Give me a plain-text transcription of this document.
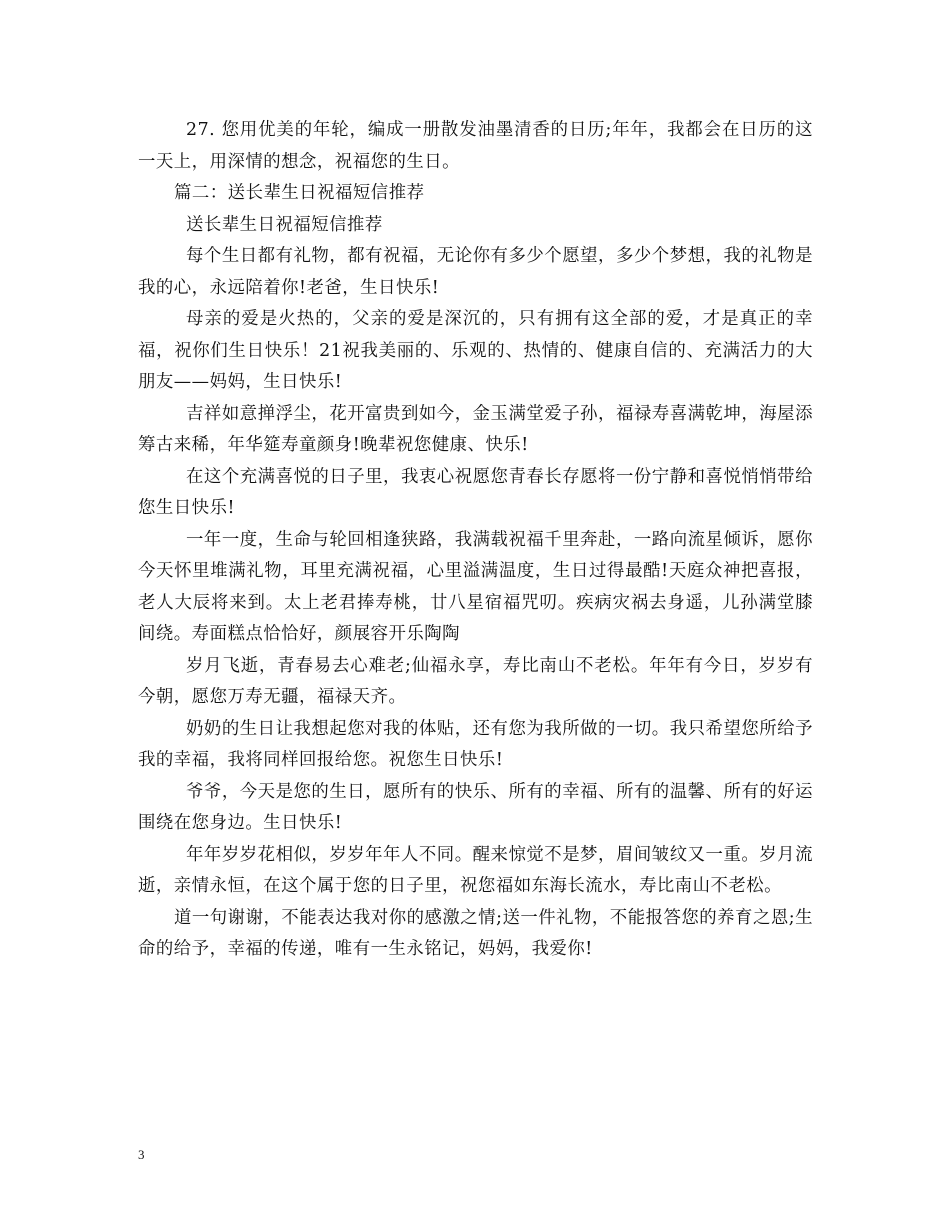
27. 您用优美的年轮，编成一册散发油墨清香的日历;年年，我都会在日历的这一天上，用深情的想念，祝福您的生日。

篇二：送长辈生日祝福短信推荐

送长辈生日祝福短信推荐

每个生日都有礼物，都有祝福，无论你有多少个愿望，多少个梦想，我的礼物是我的心，永远陪着你!老爸，生日快乐!

母亲的爱是火热的，父亲的爱是深沉的，只有拥有这全部的爱，才是真正的幸福，祝你们生日快乐！21祝我美丽的、乐观的、热情的、健康自信的、充满活力的大朋友——妈妈，生日快乐!

吉祥如意掸浮尘，花开富贵到如今，金玉满堂爱子孙，福禄寿喜满乾坤，海屋添筹古来稀，年华筵寿童颜身!晚辈祝您健康、快乐!

在这个充满喜悦的日子里，我衷心祝愿您青春长存愿将一份宁静和喜悦悄悄带给您生日快乐!

一年一度，生命与轮回相逢狭路，我满载祝福千里奔赴，一路向流星倾诉，愿你今天怀里堆满礼物，耳里充满祝福，心里溢满温度，生日过得最酷!天庭众神把喜报，老人大辰将来到。太上老君捧寿桃，廿八星宿福咒叨。疾病灾祸去身遥，儿孙满堂膝间绕。寿面糕点恰恰好，颜展容开乐陶陶

岁月飞逝，青春易去心难老;仙福永享，寿比南山不老松。年年有今日，岁岁有今朝，愿您万寿无疆，福禄天齐。

奶奶的生日让我想起您对我的体贴，还有您为我所做的一切。我只希望您所给予我的幸福，我将同样回报给您。祝您生日快乐!

爷爷，今天是您的生日，愿所有的快乐、所有的幸福、所有的温馨、所有的好运围绕在您身边。生日快乐!

年年岁岁花相似，岁岁年年人不同。醒来惊觉不是梦，眉间皱纹又一重。岁月流逝，亲情永恒，在这个属于您的日子里，祝您福如东海长流水，寿比南山不老松。

道一句谢谢，不能表达我对你的感激之情;送一件礼物，不能报答您的养育之恩;生命的给予，幸福的传递，唯有一生永铭记，妈妈，我爱你!

3
